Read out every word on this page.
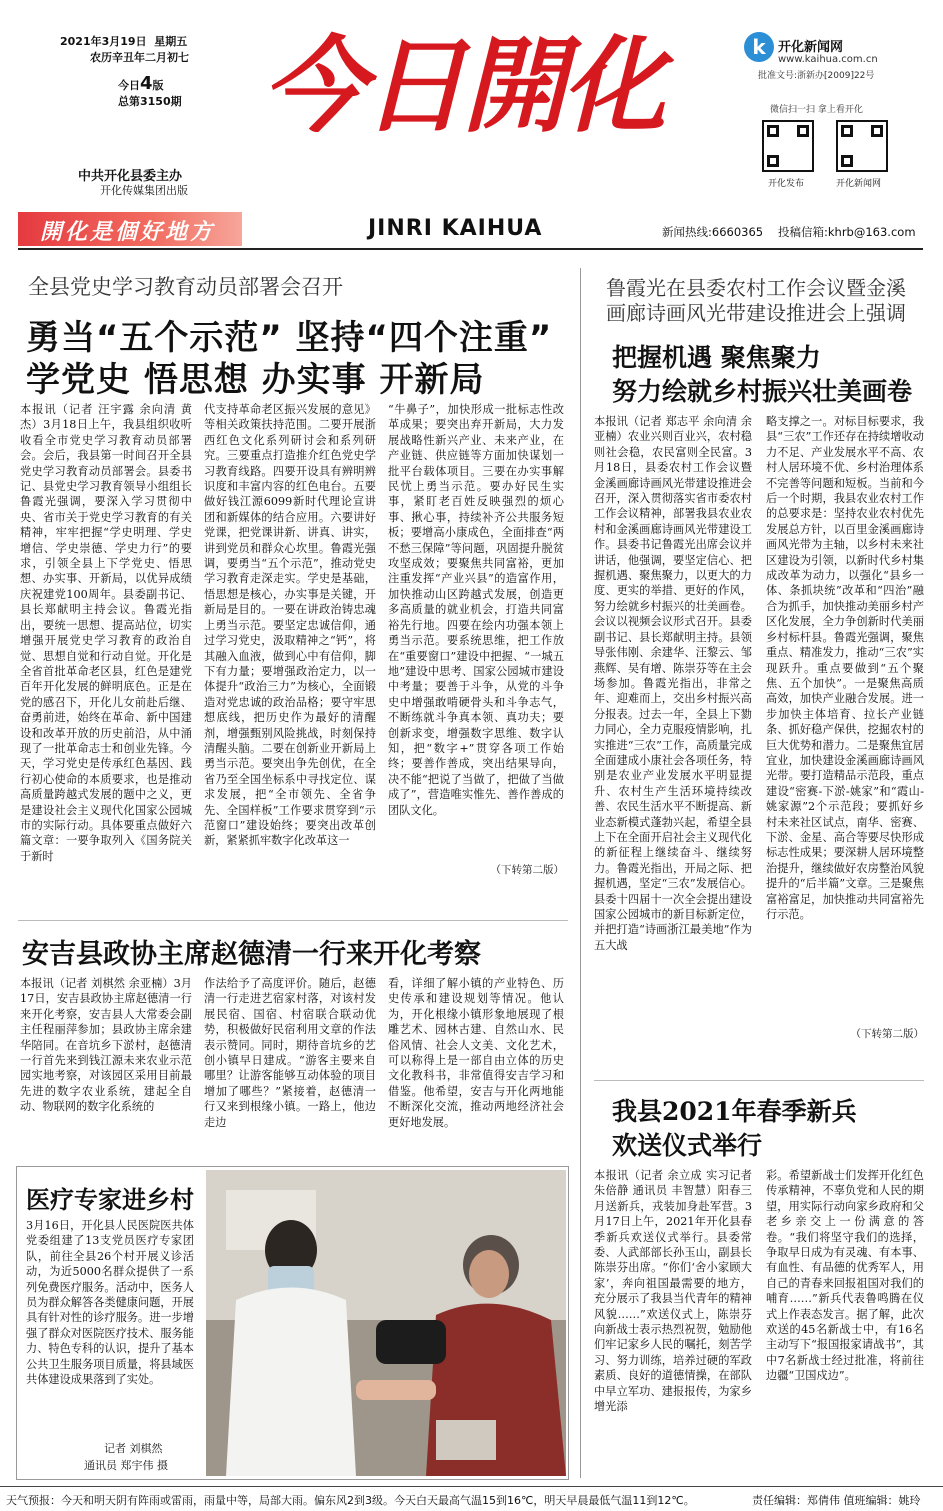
2021年3月19日 星期五
农历辛丑年二月初七
今日4版
总第3150期
中共开化县委主办
开化传媒集团出版
今日開化
JINRI KAIHUA
k 开化新闻网
www.kaihua.com.cn
批准文号:浙新办[2009]22号
微信扫一扫 拿上看开化
开化发布	开化新闻网
開化是個好地方	新闻热线:6660365 投稿信箱:khrb@163.com
全县党史学习教育动员部署会召开
勇当“五个示范” 坚持“四个注重”
学党史 悟思想 办实事 开新局
本报讯（记者 汪宇露 余向清 黄杰）3月18日上午，我县组织收听收看全市党史学习教育动员部署会。会后，我县第一时间召开全县党史学习教育动员部署会。县委书记、县党史学习教育领导小组组长鲁霞光强调，要深入学习贯彻中央、省市关于党史学习教育的有关精神，牢牢把握“学史明理、学史增信、学史崇德、学史力行”的要求，引领全县上下学党史、悟思想、办实事、开新局，以优异成绩庆祝建党100周年。县委副书记、县长郑献明主持会议。鲁霞光指出，要统一思想、提高站位，切实增强开展党史学习教育的政治自觉、思想自觉和行动自觉。开化是全省首批革命老区县，红色是建党百年开化发展的鲜明底色。正是在党的感召下，开化儿女前赴后继、奋勇前进，始终在革命、新中国建设和改革开放的历史前沿，从中涌现了一批革命志士和创业先锋。今天，学习党史是传承红色基因、践行初心使命的本质要求，也是推动高质量跨越式发展的题中之义，更是建设社会主义现代化国家公园城市的实际行动。具体要重点做好六篇文章：一要争取列入《国务院关于新时
代支持革命老区振兴发展的意见》等相关政策扶持范围。二要开展浙西红色文化系列研讨会和系列研究。三要重点打造推介红色党史学习教育线路。四要开设具有辨明辨识度和丰富内容的红色电台。五要做好钱江源6099新时代理论宣讲团和新媒体的结合应用。六要讲好党课，把党课讲新、讲真、讲实，讲到党员和群众心坎里。鲁霞光强调，要勇当“五个示范”，推动党史学习教育走深走实。学史是基础，悟思想是核心，办实事是关键，开新局是目的。一要在讲政治铸忠魂上勇当示范。要坚定忠诚信仰，通过学习党史，汲取精神之“钙”，将其融入血液，做到心中有信仰，脚下有力量；要增强政治定力，以一体提升“政治三力”为核心，全面锻造对党忠诚的政治品格；要守牢思想底线，把历史作为最好的清醒剂，增强甄别风险挑战，时刻保持清醒头脑。二要在创新业开新局上勇当示范。要突出争先创优，在全省乃至全国坐标系中寻找定位、谋求发展，把“全市领先、全省争先、全国样板”工作要求贯穿到“示范窗口”建设始终；要突出改革创新，紧紧抓牢数字化改革这一
“牛鼻子”，加快形成一批标志性改革成果；要突出弃开新局，大力发展战略性新兴产业、未来产业，在产业链、供应链等方面加快谋划一批平台载体项目。三要在办实事解民忧上勇当示范。要办好民生实事，紧盯老百姓反映强烈的烦心事、揪心事，持续补齐公共服务短板；要增高小康成色，全面排查“两不愁三保障”等问题，巩固提升脱贫攻坚成效；要聚焦共同富裕，更加注重发挥“产业兴县”的造富作用，加快推动山区跨越式发展，创造更多高质量的就业机会，打造共同富裕先行地。四要在绘内功强本领上勇当示范。要系统思维，把工作放在“重要窗口”建设中把握、“一城五地”建设中思考、国家公园城市建设中考量；要善于斗争，从党的斗争史中增强敢啃硬骨头和斗争志气，不断练就斗争真本领、真功夫；要创新求变，增强数字思维、数字认知，把“数字+”贯穿各项工作始终；要善作善成，突出结果导向，决不能“把说了当做了，把做了当做成了”，营造唯实惟先、善作善成的团队文化。
（下转第二版）
鲁霞光在县委农村工作会议暨金溪画廊诗画风光带建设推进会上强调
把握机遇 聚焦聚力
努力绘就乡村振兴壮美画卷
本报讯（记者 郑志平 余向清 余亚楠）农业兴则百业兴，农村稳则社会稳，农民富则全民富。3月18日，县委农村工作会议暨金溪画廊诗画风光带建设推进会召开，深入贯彻落实省市委农村工作会议精神，部署我县农业农村和金溪画廊诗画风光带建设工作。县委书记鲁霞光出席会议并讲话，他强调，要坚定信心、把握机遇、聚焦聚力，以更大的力度、更实的举措、更好的作风，努力绘就乡村振兴的壮美画卷。会议以视频会议形式召开。县委副书记、县长郑献明主持。县领导张伟刚、余建华、汪黎云、邹燕辉、吴有增、陈崇芬等在主会场参加。鲁霞光指出，非常之年、迎难而上，交出乡村振兴高分报表。过去一年，全县上下勠力同心，全力克服疫情影响，扎实推进“三农”工作，高质量完成全面建成小康社会各项任务，特别是农业产业发展水平明显提升、农村生产生活环境持续改善、农民生活水平不断提高、新业态新模式蓬勃兴起，希望全县上下在全面开启社会主义现代化的新征程上继续奋斗、继续努力。鲁霞光指出，开局之际、把握机遇，坚定“三农”发展信心。县委十四届十一次全会提出建设国家公园城市的新目标新定位，并把打造“诗画浙江最美地”作为五大战
略支撑之一。对标目标要求，我县“三农”工作还存在持续增收动力不足、产业发展水平不高、农村人居环境不优、乡村治理体系不完善等问题和短板。当前和今后一个时期，我县农业农村工作的总要求是：坚持农业农村优先发展总方针，以百里金溪画廊诗画风光带为主轴，以乡村未来社区建设为引领，以新时代乡村集成改革为动力，以强化“县乡一体、条抓块统”改革和“四治”融合为抓手，加快推动美丽乡村产区化发展，全力争创新时代美丽乡村标杆县。鲁霞光强调，聚焦重点、精准发力，推动“三农”实现跃升。重点要做到“五个聚焦、五个加快”。一是聚焦高质高效，加快产业融合发展。进一步加快主体培育、拉长产业链条、抓好稳产保供，挖掘农村的巨大优势和潜力。二是聚焦宜居宜业，加快建设金溪画廊诗画风光带。要打造精品示范段，重点建设“密赛-下淤-姚家”和“霞山-姚家源”2个示范段；要抓好乡村未来社区试点，南华、密赛、下淤、金星、高合等要尽快形成标志性成果；要深耕人居环境整治提升，继续做好农房整治风貌提升的“后半篇”文章。三是聚焦富裕富足，加快推动共同富裕先行示范。
（下转第二版）
安吉县政协主席赵德清一行来开化考察
本报讯（记者 刘棋然 余亚楠）3月17日，安吉县政协主席赵德清一行来开化考察，安吉县人大常委会副主任程丽萍参加；县政协主席余建华陪同。在音坑乡下淤村，赵德清一行首先来到钱江源未来农业示范园实地考察，对该园区采用目前最先进的数字农业系统，建起全自动、物联网的数字化系统的
作法给予了高度评价。随后，赵德清一行走进艺宿家村落，对该村发展民宿、国宿、村宿联合联动优势，积极做好民宿利用文章的作法表示赞同。同时，期待音坑乡的艺创小镇早日建成。“游客主要来自哪里？让游客能够互动体验的项目增加了哪些？”紧接着，赵德清一行又来到根缘小镇。一路上，他边走边
看，详细了解小镇的产业特色、历史传承和建设规划等情况。他认为，开化根缘小镇形象地展现了根雕艺术、园林古建、自然山水、民俗风情、社会人文美、文化艺术，可以称得上是一部自由立体的历史文化教科书，非常值得安吉学习和借鉴。他希望，安吉与开化两地能不断深化交流，推动两地经济社会更好地发展。
医疗专家进乡村
3月16日，开化县人民医院医共体党委组建了13支党员医疗专家团队，前往全县26个村开展义诊活动，为近5000名群众提供了一系列免费医疗服务。活动中，医务人员为群众解答各类健康问题，开展具有针对性的诊疗服务。进一步增强了群众对医院医疗技术、服务能力、特色专科的认识，提升了基本公共卫生服务项目质量，将县域医共体建设成果落到了实处。
记者 刘棋然
通讯员 郑宇伟 摄
我县2021年春季新兵
欢送仪式举行
本报讯（记者 余立成 实习记者 朱倍静 通讯员 丰智慧）阳春三月送新兵，戎装加身赴军营。3月17日上午，2021年开化县春季新兵欢送仪式举行。县委常委、人武部部长孙玉山，副县长陈崇芬出席。“你们‘舍小家顾大家’，奔向祖国最需要的地方，充分展示了我县当代青年的精神风貌……”欢送仪式上，陈崇芬向新战士表示热烈祝贺，勉励他们牢记家乡人民的嘱托，刻苦学习、努力训练，培养过硬的军政素质、良好的道德情操，在部队中早立军功、建报报传，为家乡增光添
彩。希望新战士们发挥开化红色传承精神，不辜负党和人民的期望，用实际行动向家乡政府和父老乡亲交上一份满意的答卷。“我们将坚守我们的选择，争取早日成为有灵魂、有本事、有血性、有品德的优秀军人，用自己的青春来回报祖国对我们的哺育……”新兵代表鲁鸣腾在仪式上作表态发言。据了解，此次欢送的45名新战士中，有16名主动写下“报国报家请战书”，其中7名新战士经过批准，将前往边疆“卫国戍边”。
天气预报：今天和明天阴有阵雨或雷雨，雨量中等，局部大雨。偏东风2到3级。今天白天最高气温15到16℃，明天早晨最低气温11到12℃。	责任编辑：郑倩伟 值班编辑：姚玲
